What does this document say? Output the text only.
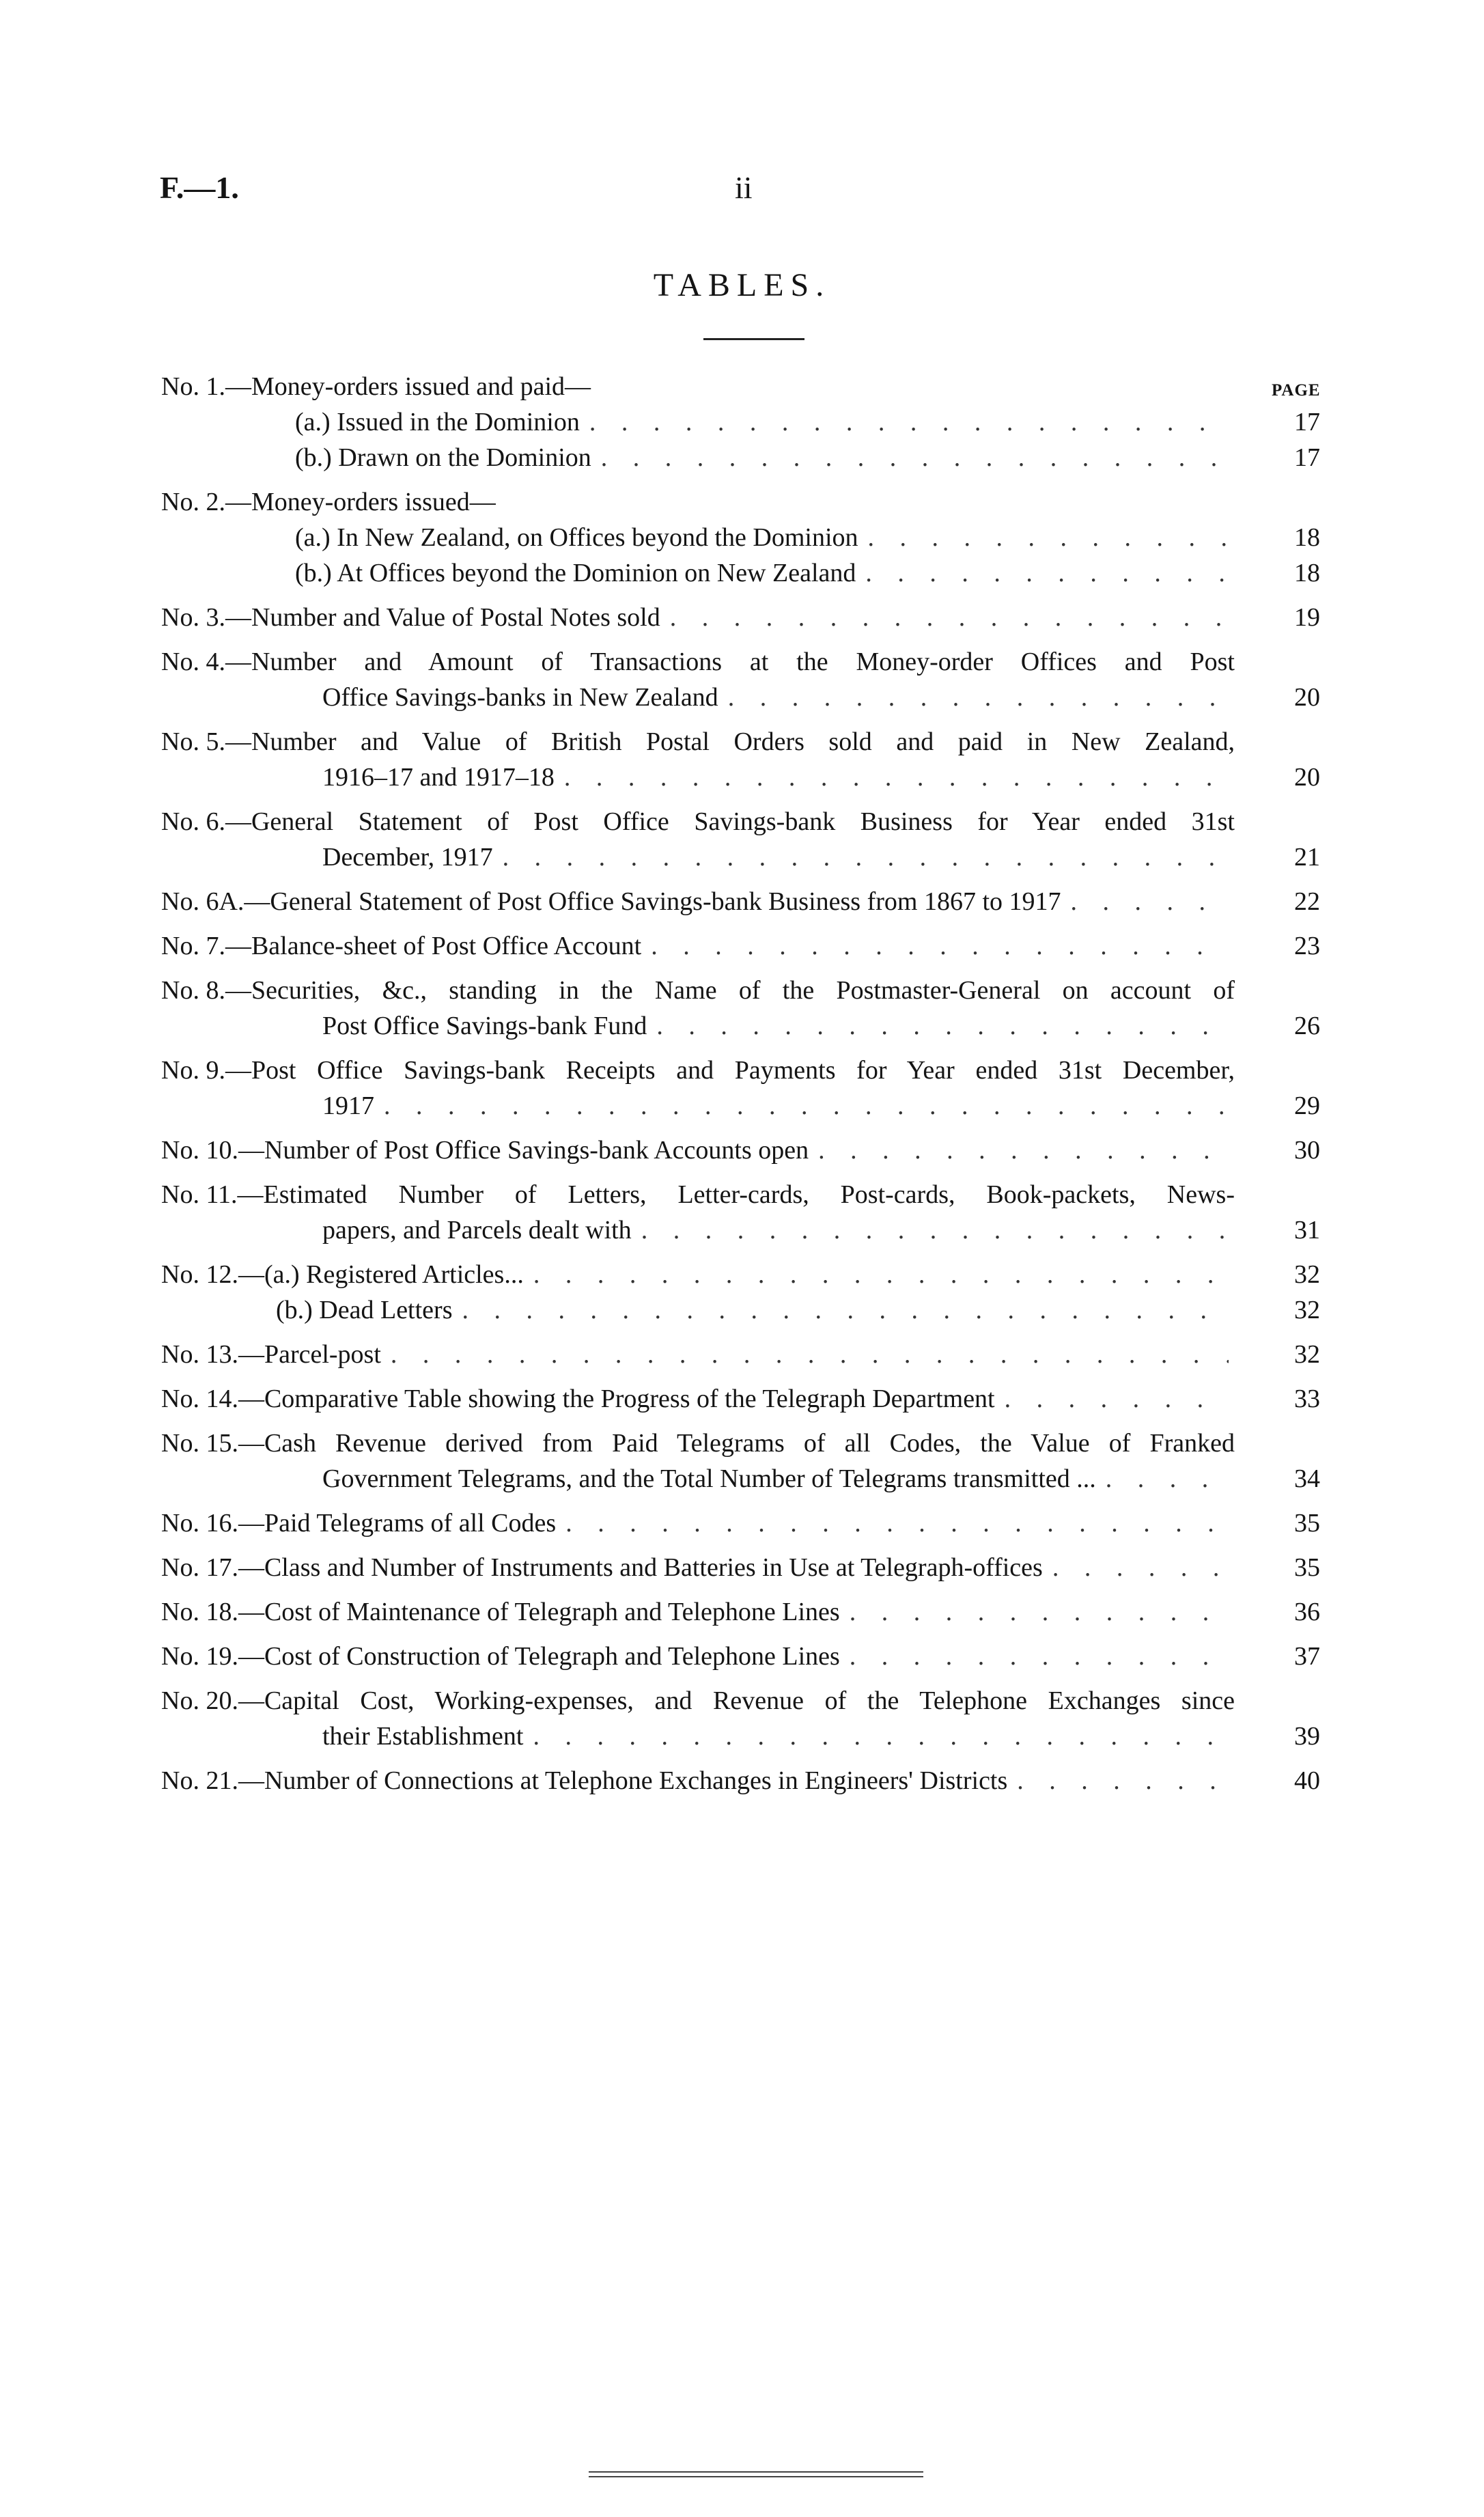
F.—1.	ii
TABLES.
PAGE
No. 1.— Money-orders issued and paid—
(a.) Issued in the Dominion . . .	17
(b.) Drawn on the Dominion . . .	17
No. 2.— Money-orders issued—
(a.) In New Zealand, on Offices beyond the Dominion . . .	18
(b.) At Offices beyond the Dominion on New Zealand . . .	18
No. 3.— Number and Value of Postal Notes sold . . .	19
No. 4.— Number and Amount of Transactions at the Money-order Offices and Post
Office Savings-banks in New Zealand . . .	20
No. 5.— Number and Value of British Postal Orders sold and paid in New Zealand,
1916–17 and 1917–18 . . .	20
No. 6.— General Statement of Post Office Savings-bank Business for Year ended 31st
December, 1917 . . .	21
No. 6A.— General Statement of Post Office Savings-bank Business from 1867 to 1917 . . .	22
No. 7.— Balance-sheet of Post Office Account . . .	23
No. 8.— Securities, &c., standing in the Name of the Postmaster-General on account of
Post Office Savings-bank Fund . . .	26
No. 9.— Post Office Savings-bank Receipts and Payments for Year ended 31st December,
1917 . . .	29
No. 10.— Number of Post Office Savings-bank Accounts open . . .	30
No. 11.— Estimated Number of Letters, Letter-cards, Post-cards, Book-packets, News-
papers, and Parcels dealt with . . .	31
No. 12.— (a.) Registered Articles... . . .	32
(b.) Dead Letters . . .	32
No. 13.— Parcel-post . . .	32
No. 14.— Comparative Table showing the Progress of the Telegraph Department . . .	33
No. 15.— Cash Revenue derived from Paid Telegrams of all Codes, the Value of Franked
Government Telegrams, and the Total Number of Telegrams transmitted ... . . .	34
No. 16.— Paid Telegrams of all Codes . . .	35
No. 17.— Class and Number of Instruments and Batteries in Use at Telegraph-offices . . .	35
No. 18.— Cost of Maintenance of Telegraph and Telephone Lines . . .	36
No. 19.— Cost of Construction of Telegraph and Telephone Lines . . .	37
No. 20.— Capital Cost, Working-expenses, and Revenue of the Telephone Exchanges since
their Establishment . . .	39
No. 21.— Number of Connections at Telephone Exchanges in Engineers' Districts . . .	40
